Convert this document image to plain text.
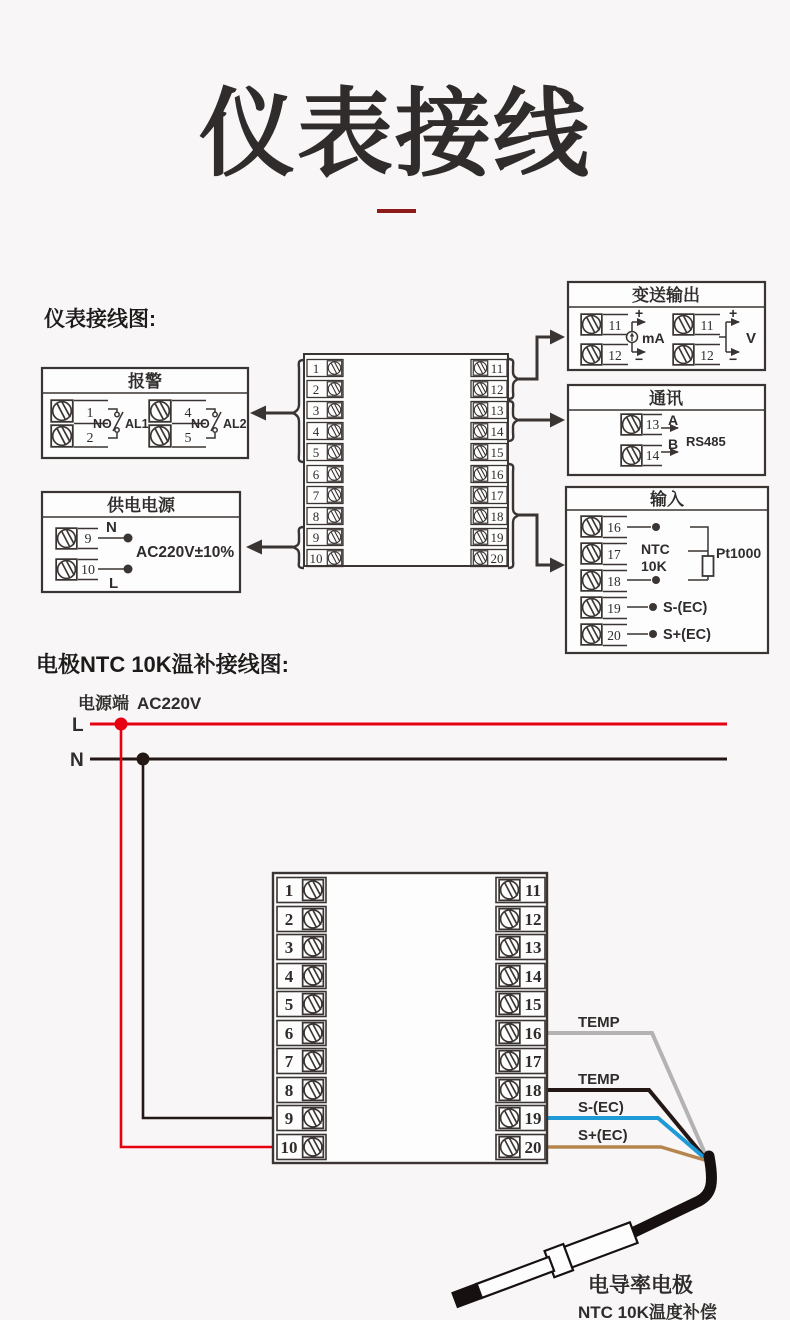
仪表接线
仪表接线图:
电极NTC 10K温补接线图:
1
2
3
4
5
6
7
8
9
10
11
12
13
14
15
16
17
18
19
20
报警
1
2
NO AL1
4
5
NO AL2
供电电源
9
10
N
L
AC220V±10%
变送输出
11
12
+
−
mA
11
12
+
−
V
通讯
13
14
A
B RS485
输入
16
17
18
19
20
NTC
10K
Pt1000
S-(EC)
S+(EC)
电源端 AC220V
L
N
TEMP
TEMP
S-(EC)
S+(EC)
电导率电极
NTC 10K温度补偿
1
2
3
4
5
6
7
8
9
10
11
12
13
14
15
16
17
18
19
20
